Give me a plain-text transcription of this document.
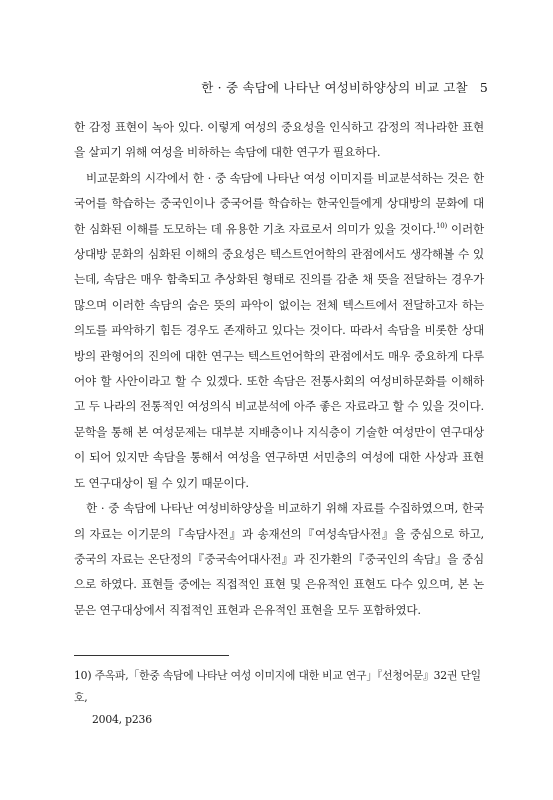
한 · 중 속담에 나타난 여성비하양상의 비교 고찰 5

한 감정 표현이 녹아 있다. 이렇게 여성의 중요성을 인식하고 감정의 적나라한 표현을 살피기 위해 여성을 비하하는 속담에 대한 연구가 필요하다.

비교문화의 시각에서 한 · 중 속담에 나타난 여성 이미지를 비교분석하는 것은 한국어를 학습하는 중국인이나 중국어를 학습하는 한국인들에게 상대방의 문화에 대한 심화된 이해를 도모하는 데 유용한 기초 자료로서 의미가 있을 것이다.$^{10)}$ 이러한 상대방 문화의 심화된 이해의 중요성은 텍스트언어학의 관점에서도 생각해볼 수 있는데, 속담은 매우 함축되고 추상화된 형태로 진의를 감춘 채 뜻을 전달하는 경우가 많으며 이러한 속담의 숨은 뜻의 파악이 없이는 전체 텍스트에서 전달하고자 하는 의도를 파악하기 힘든 경우도 존재하고 있다는 것이다. 따라서 속담을 비롯한 상대방의 관형어의 진의에 대한 연구는 텍스트언어학의 관점에서도 매우 중요하게 다루어야 할 사안이라고 할 수 있겠다. 또한 속담은 전통사회의 여성비하문화를 이해하고 두 나라의 전통적인 여성의식 비교분석에 아주 좋은 자료라고 할 수 있을 것이다. 문학을 통해 본 여성문제는 대부분 지배층이나 지식층이 기술한 여성만이 연구대상이 되어 있지만 속담을 통해서 여성을 연구하면 서민층의 여성에 대한 사상과 표현도 연구대상이 될 수 있기 때문이다.

한 · 중 속담에 나타난 여성비하양상을 비교하기 위해 자료를 수집하였으며, 한국의 자료는 이기문의『속담사전』과 송재선의『여성속담사전』을 중심으로 하고, 중국의 자료는 온단정의『중국속어대사전』과 진가환의『중국인의 속담』을 중심으로 하였다. 표현들 중에는 직접적인 표현 및 은유적인 표현도 다수 있으며, 본 논문은 연구대상에서 직접적인 표현과 은유적인 표현을 모두 포함하였다.

10) 주옥파,「한중 속담에 나타난 여성 이미지에 대한 비교 연구」『선청어문』32권 단일호,
2004, p236
